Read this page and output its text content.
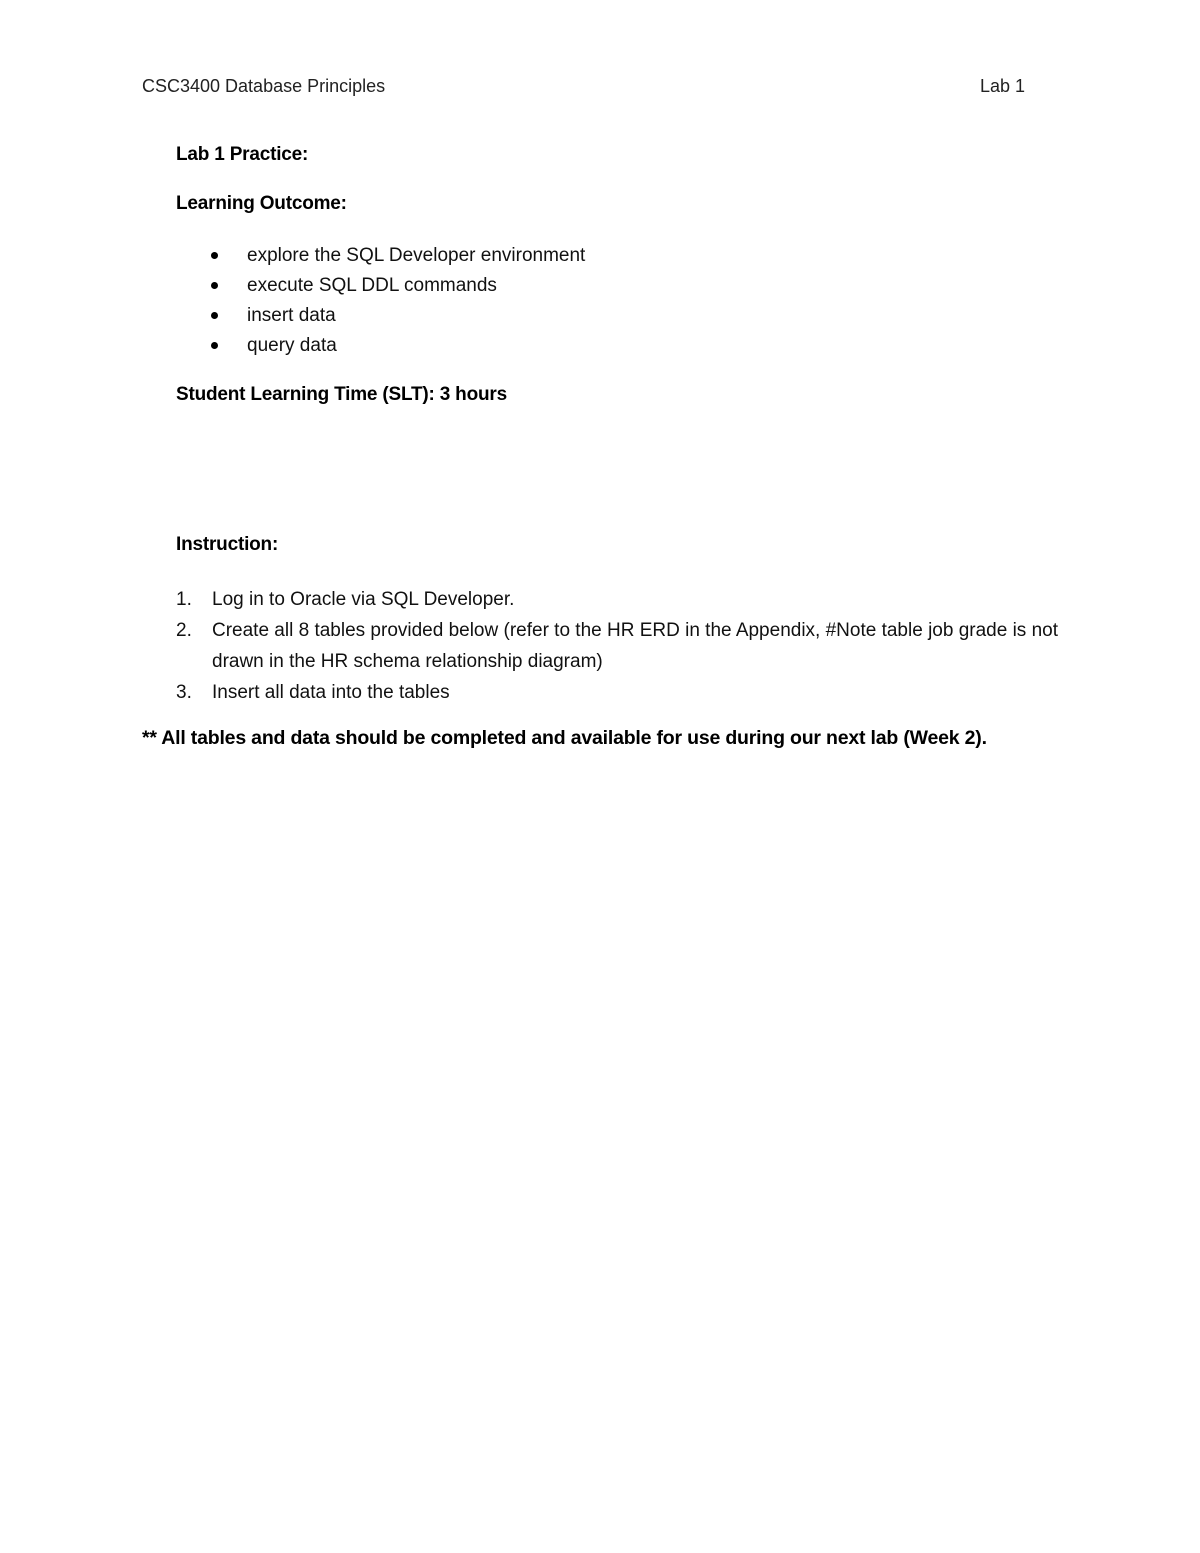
CSC3400 Database Principles	Lab 1
Lab 1 Practice:
Learning Outcome:
explore the SQL Developer environment
execute SQL DDL commands
insert data
query data
Student Learning Time (SLT): 3 hours
Instruction:
1. Log in to Oracle via SQL Developer.
2. Create all 8 tables provided below (refer to the HR ERD in the Appendix, #Note table job grade is not drawn in the HR schema relationship diagram)
3. Insert all data into the tables
** All tables and data should be completed and available for use during our next lab (Week 2).
